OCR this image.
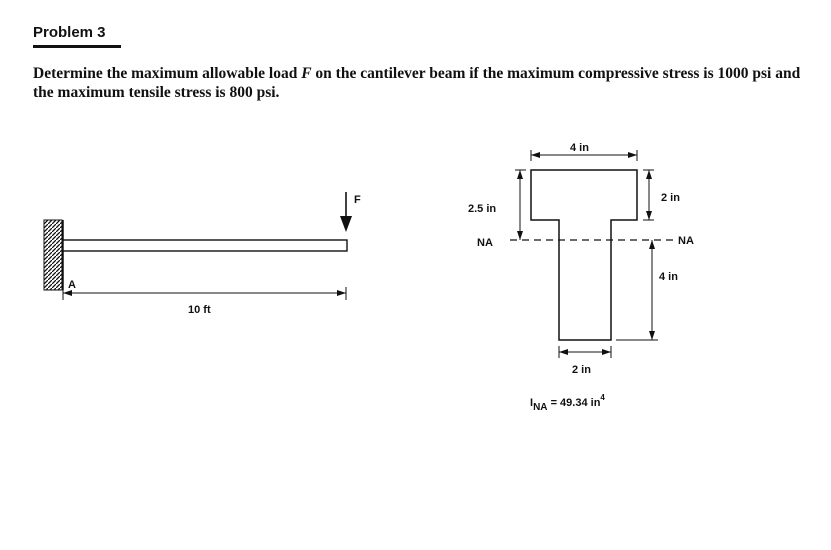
Problem 3
Determine the maximum allowable load F on the cantilever beam if the maximum compressive stress is 1000 psi and the maximum tensile stress is 800 psi.
F
A
10 ft
4 in
2.5 in
2 in
NA	NA
4 in
2 in
INA = 49.34 $in^4$
